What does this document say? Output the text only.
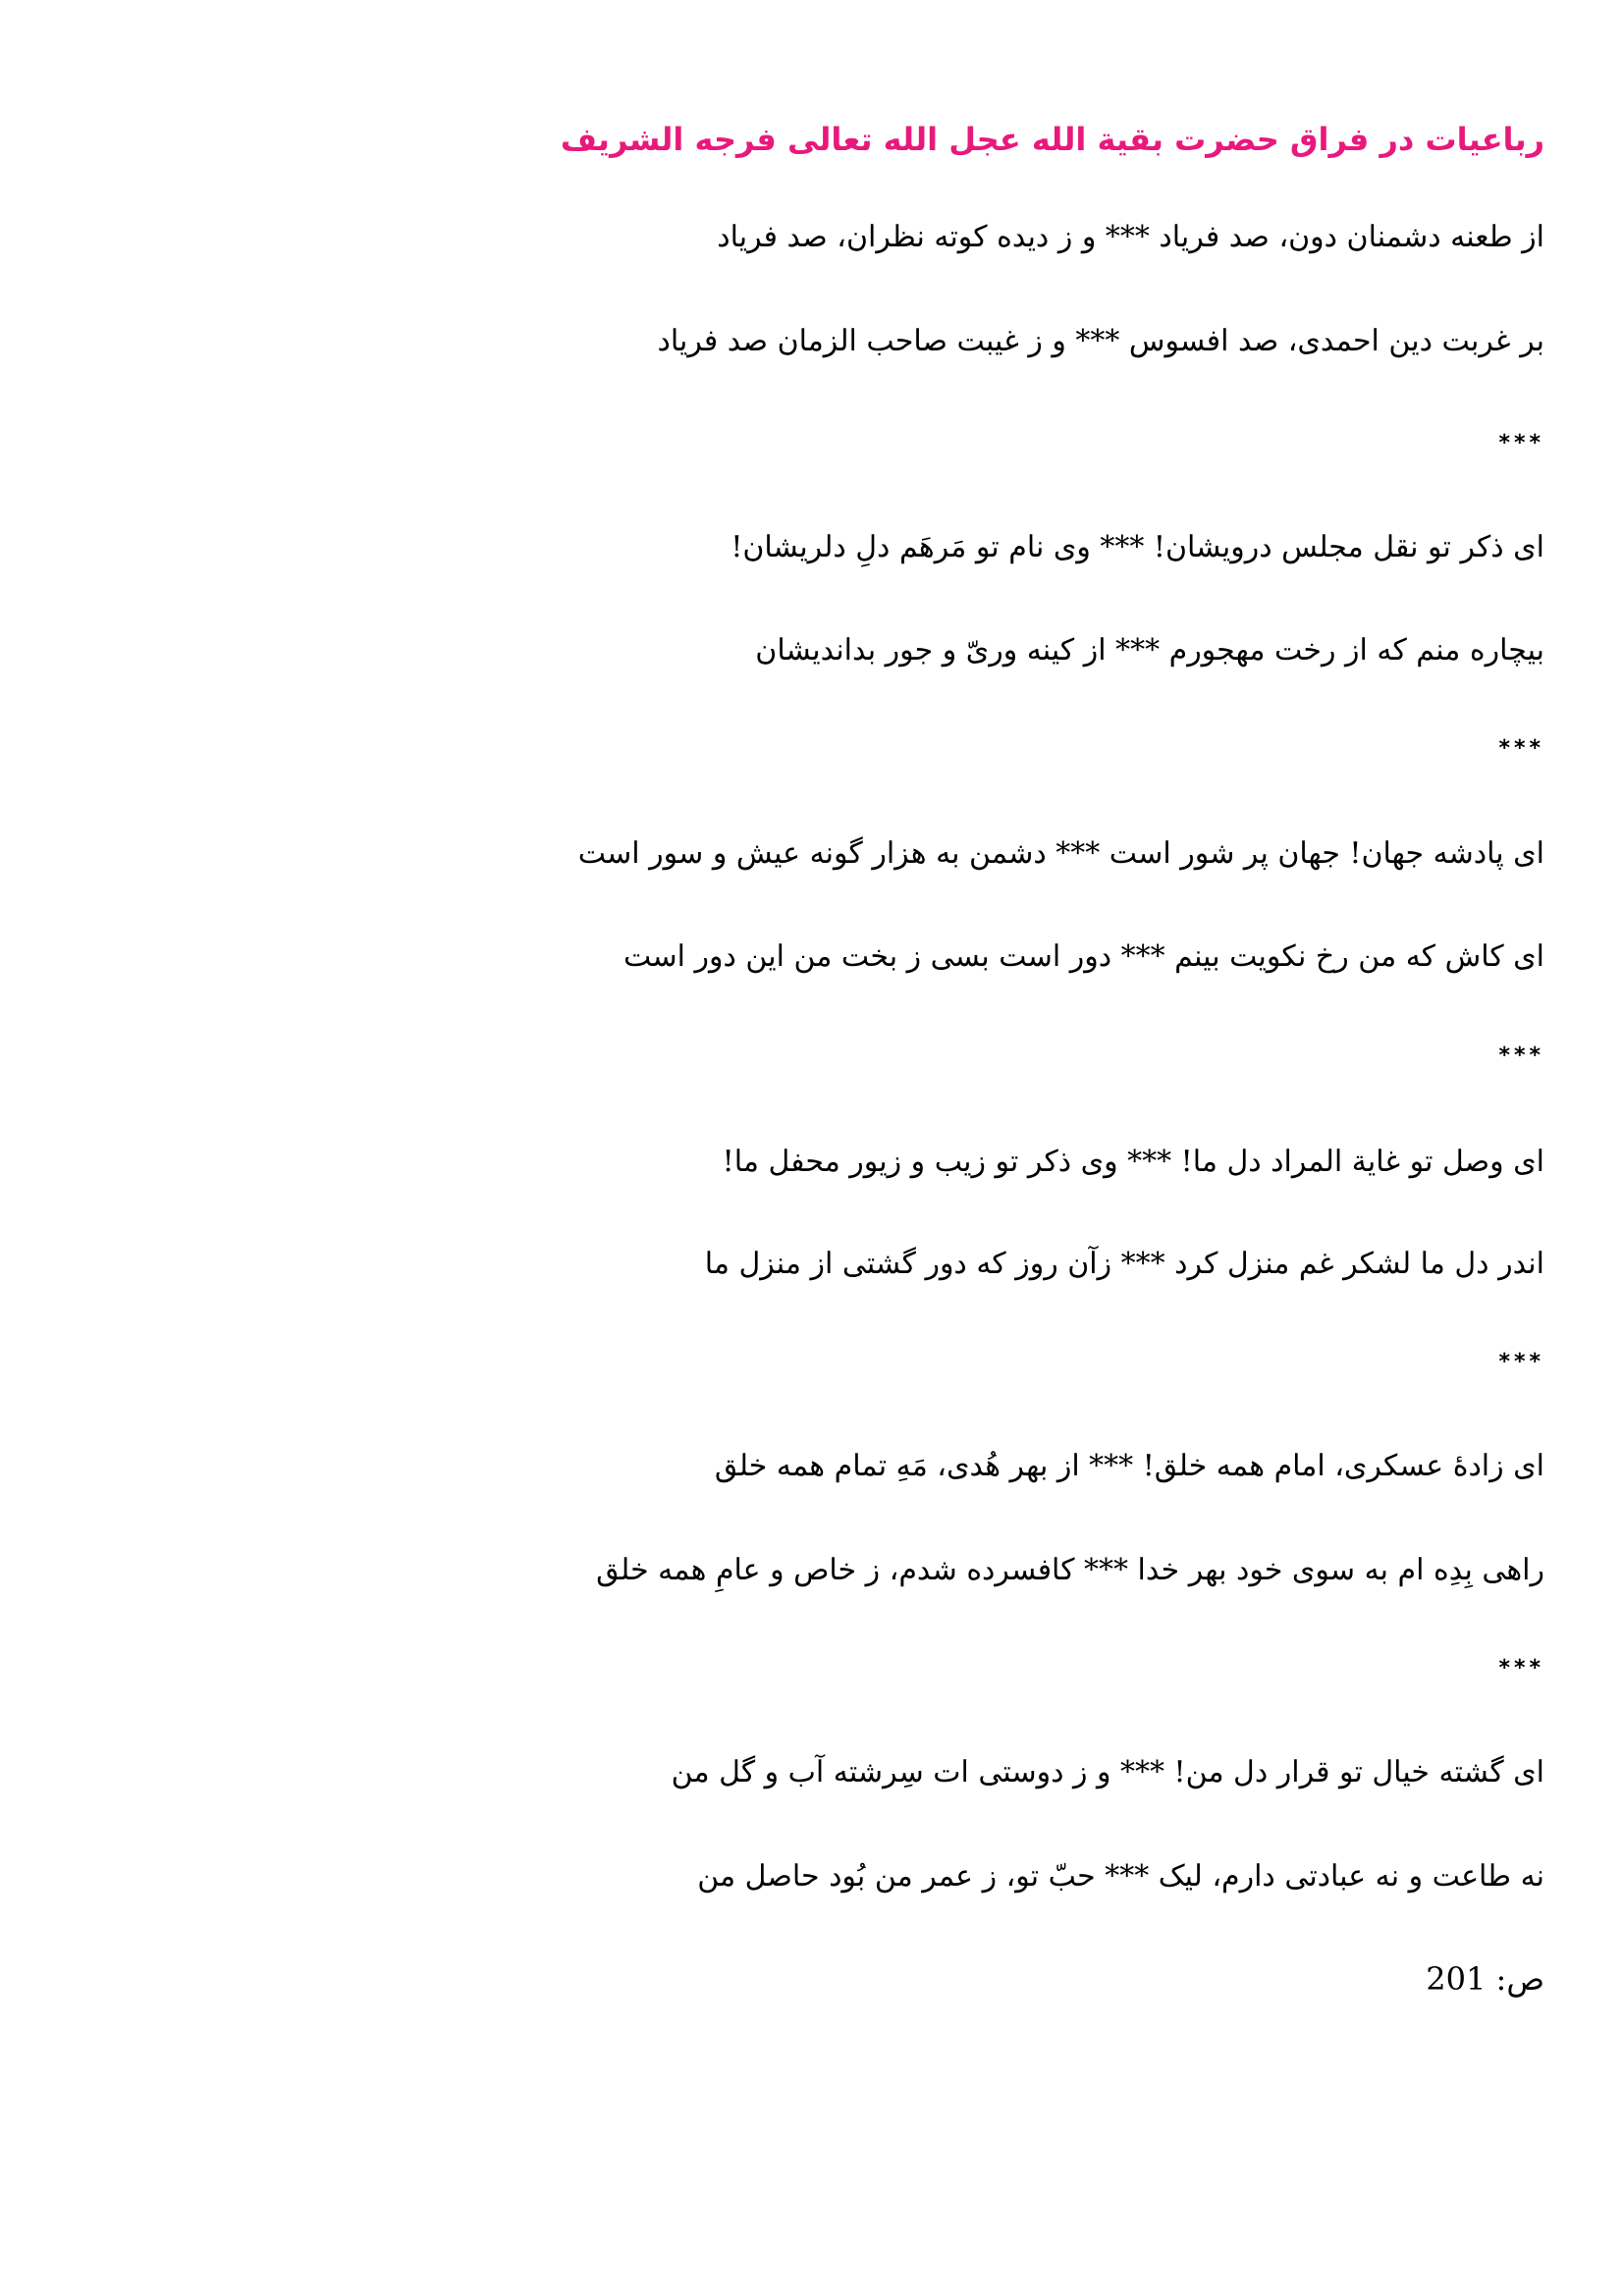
رباعیات در فراق حضرت بقیة الله عجل الله تعالی فرجه الشریف
از طعنه دشمنان دون، صد فریاد *** و ز دیده کوته نظران، صد فریاد
بر غربت دین احمدی، صد افسوس *** و ز غیبت صاحب الزمان صد فریاد
***
ای ذکر تو نقل مجلس درویشان! *** وی نام تو مَرهَم دلِ دلریشان!
بیچاره منم که از رخت مهجورم *** از کینه وریّ و جور بداندیشان
***
ای پادشه جهان! جهان پر شور است *** دشمن به هزار گونه عیش و سور است
ای کاش که من رخ نکویت بینم *** دور است بسی ز بخت من این دور است
***
ای وصل تو غایة المراد دل ما! *** وی ذکر تو زیب و زیور محفل ما!
اندر دل ما لشکر غم منزل کرد *** زآن روز که دور گشتی از منزل ما
***
ای زادهٔ عسکری، امام همه خلق! *** از بهر هُدی، مَهِ تمام همه خلق
راهی بِدِه ام به سوی خود بهر خدا *** کافسرده شدم، ز خاص و عامِ همه خلق
***
ای گشته خیال تو قرار دل من! *** و ز دوستی ات سِرشته آب و گل من
نه طاعت و نه عبادتی دارم، لیک *** حبّ تو، ز عمر من بُود حاصل من
ص: 201
